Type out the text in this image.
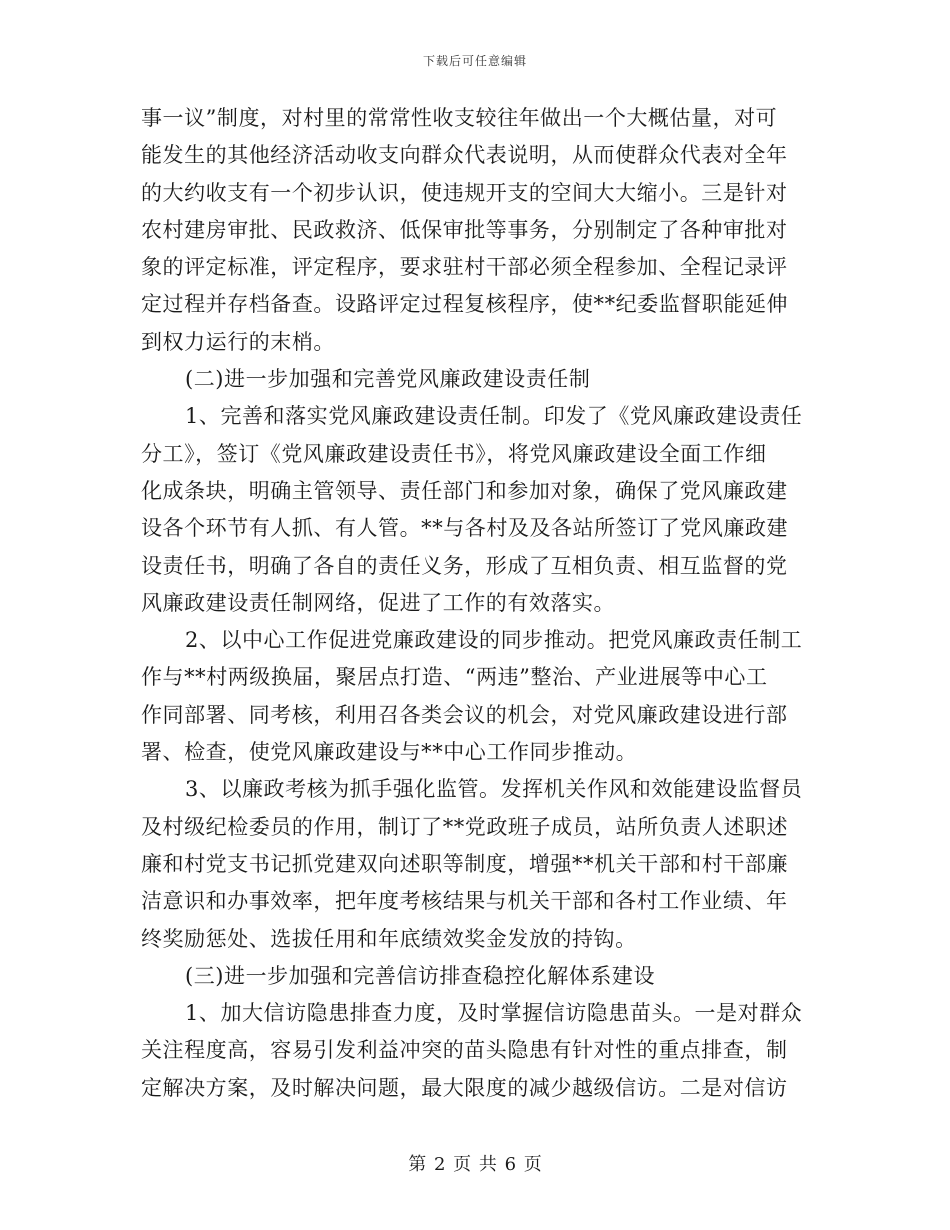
下载后可任意编辑
事一议”制度，对村里的常常性收支较往年做出一个大概估量，对可
能发生的其他经济活动收支向群众代表说明，从而使群众代表对全年
的大约收支有一个初步认识，使违规开支的空间大大缩小。三是针对
农村建房审批、民政救济、低保审批等事务，分别制定了各种审批对
象的评定标准，评定程序，要求驻村干部必须全程参加、全程记录评
定过程并存档备查。设路评定过程复核程序，使**纪委监督职能延伸
到权力运行的末梢。
(二)进一步加强和完善党风廉政建设责任制
1、完善和落实党风廉政建设责任制。印发了《党风廉政建设责任
分工》，签订《党风廉政建设责任书》，将党风廉政建设全面工作细
化成条块，明确主管领导、责任部门和参加对象，确保了党风廉政建
设各个环节有人抓、有人管。**与各村及及各站所签订了党风廉政建
设责任书，明确了各自的责任义务，形成了互相负责、相互监督的党
风廉政建设责任制网络，促进了工作的有效落实。
2、以中心工作促进党廉政建设的同步推动。把党风廉政责任制工
作与**村两级换届，聚居点打造、“两违”整治、产业进展等中心工
作同部署、同考核，利用召各类会议的机会，对党风廉政建设进行部
署、检查，使党风廉政建设与**中心工作同步推动。
3、以廉政考核为抓手强化监管。发挥机关作风和效能建设监督员
及村级纪检委员的作用，制订了**党政班子成员，站所负责人述职述
廉和村党支书记抓党建双向述职等制度，增强**机关干部和村干部廉
洁意识和办事效率，把年度考核结果与机关干部和各村工作业绩、年
终奖励惩处、选拔任用和年底绩效奖金发放的持钩。
(三)进一步加强和完善信访排查稳控化解体系建设
1、加大信访隐患排查力度，及时掌握信访隐患苗头。一是对群众
关注程度高，容易引发利益冲突的苗头隐患有针对性的重点排查，制
定解决方案，及时解决问题，最大限度的减少越级信访。二是对信访
第 2 页 共 6 页
